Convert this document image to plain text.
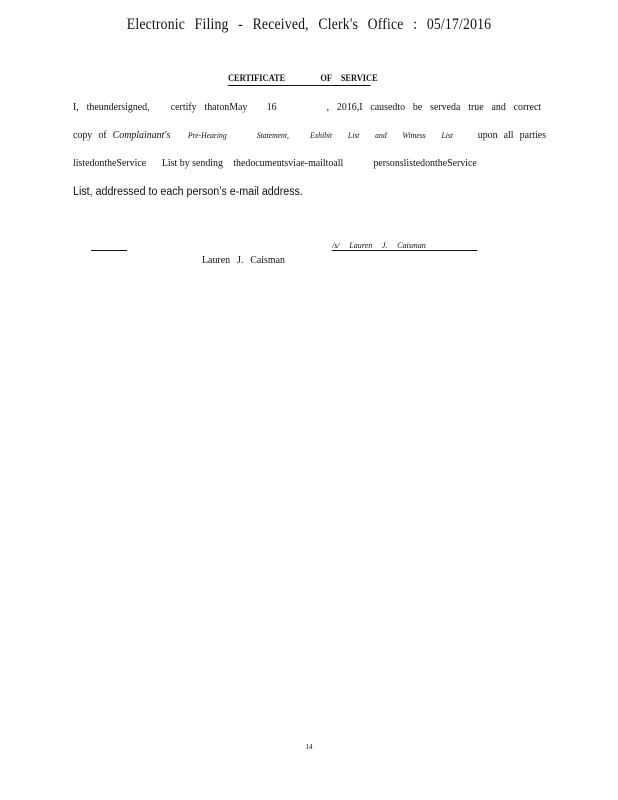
Electronic Filing - Received, Clerk's Office : 05/17/2016
CERTIFICATE	OF SERVICE
I, theundersigned, certify thatonMay 16	, 2016,I causedto be serveda true and correct
copy of Complainant's Pre-Hearing	Statement, Exhibit List and Witness List upon all parties
listedontheService List by sending thedocumentsviae-mailtoall	personslistedontheService
List, addressed to each person’s e-mail address.
/s/ Lauren J. Caisman
Lauren J. Caisman
14
